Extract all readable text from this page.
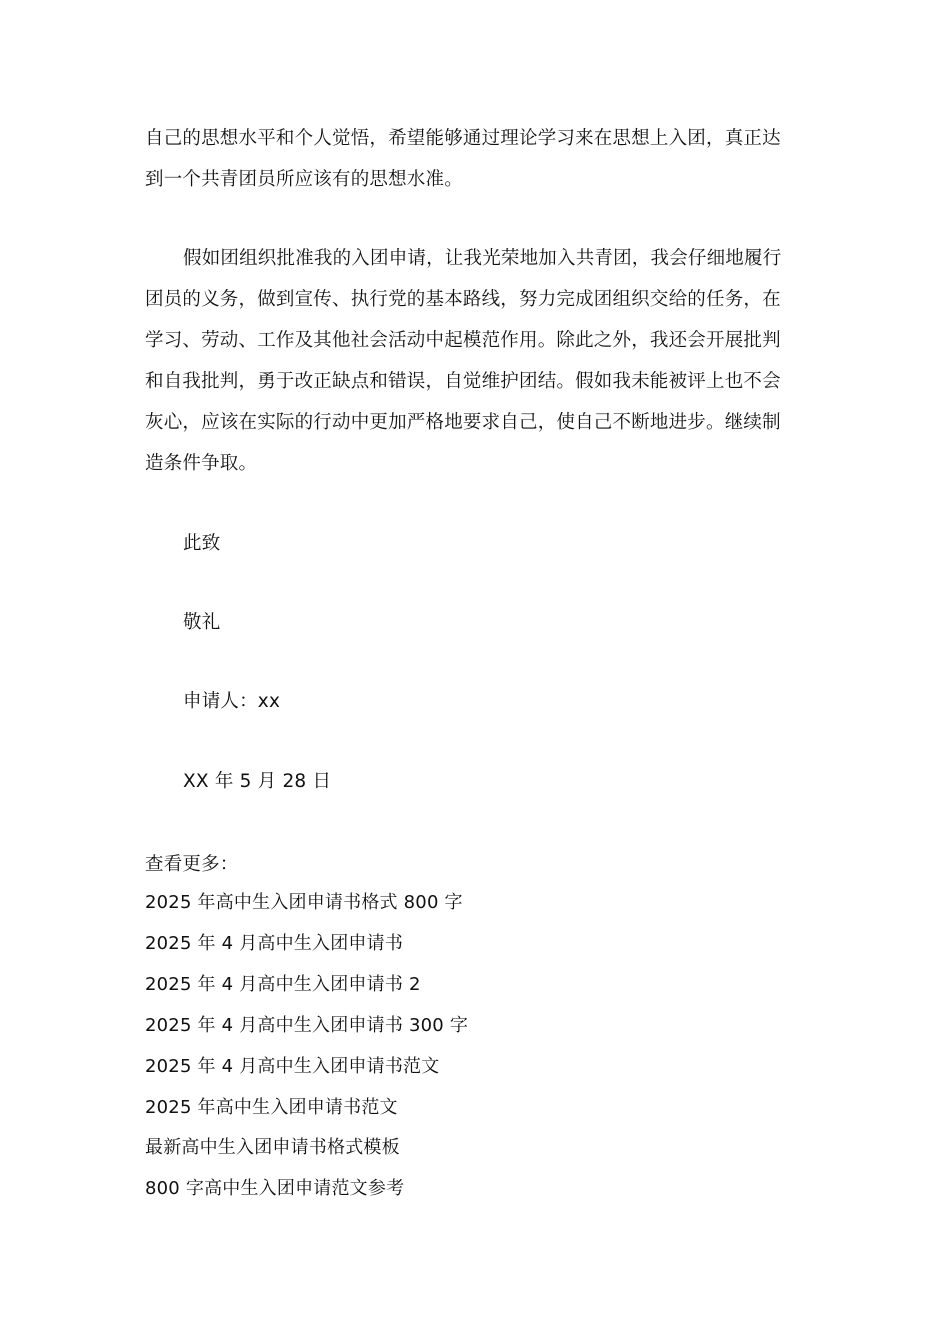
自己的思想水平和个人觉悟，希望能够通过理论学习来在思想上入团，真正达
到一个共青团员所应该有的思想水准。
假如团组织批准我的入团申请，让我光荣地加入共青团，我会仔细地履行
团员的义务，做到宣传、执行党的基本路线，努力完成团组织交给的任务，在
学习、劳动、工作及其他社会活动中起模范作用。除此之外，我还会开展批判
和自我批判，勇于改正缺点和错误，自觉维护团结。假如我未能被评上也不会
灰心，应该在实际的行动中更加严格地要求自己，使自己不断地进步。继续制
造条件争取。
此致
敬礼
申请人：xx
XX 年 5 月 28 日
查看更多：
2025 年高中生入团申请书格式 800 字
2025 年 4 月高中生入团申请书
2025 年 4 月高中生入团申请书 2
2025 年 4 月高中生入团申请书 300 字
2025 年 4 月高中生入团申请书范文
2025 年高中生入团申请书范文
最新高中生入团申请书格式模板
800 字高中生入团申请范文参考
